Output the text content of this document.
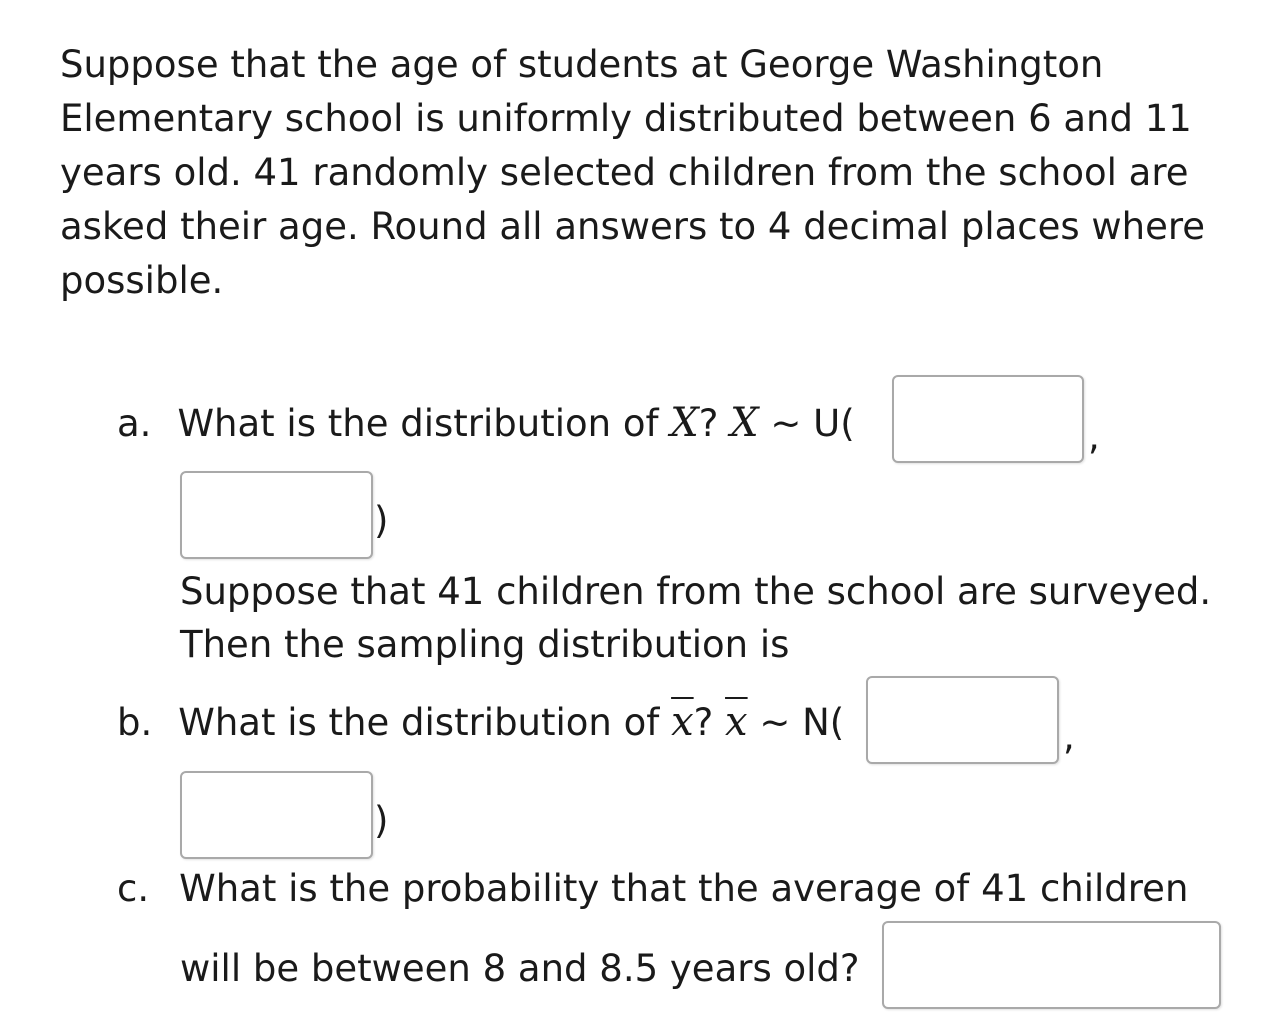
Suppose that the age of students at George Washington Elementary school is uniformly distributed between 6 and 11 years old. 41 randomly selected children from the school are asked their age. Round all answers to 4 decimal places where possible.

a. What is the distribution of X? X ~ U(	,
)
Suppose that 41 children from the school are surveyed.
Then the sampling distribution is
b. What is the distribution of $\overline{x}$? $\overline{x}$ ~ N(	,
)
c. What is the probability that the average of 41 children
will be between 8 and 8.5 years old?
